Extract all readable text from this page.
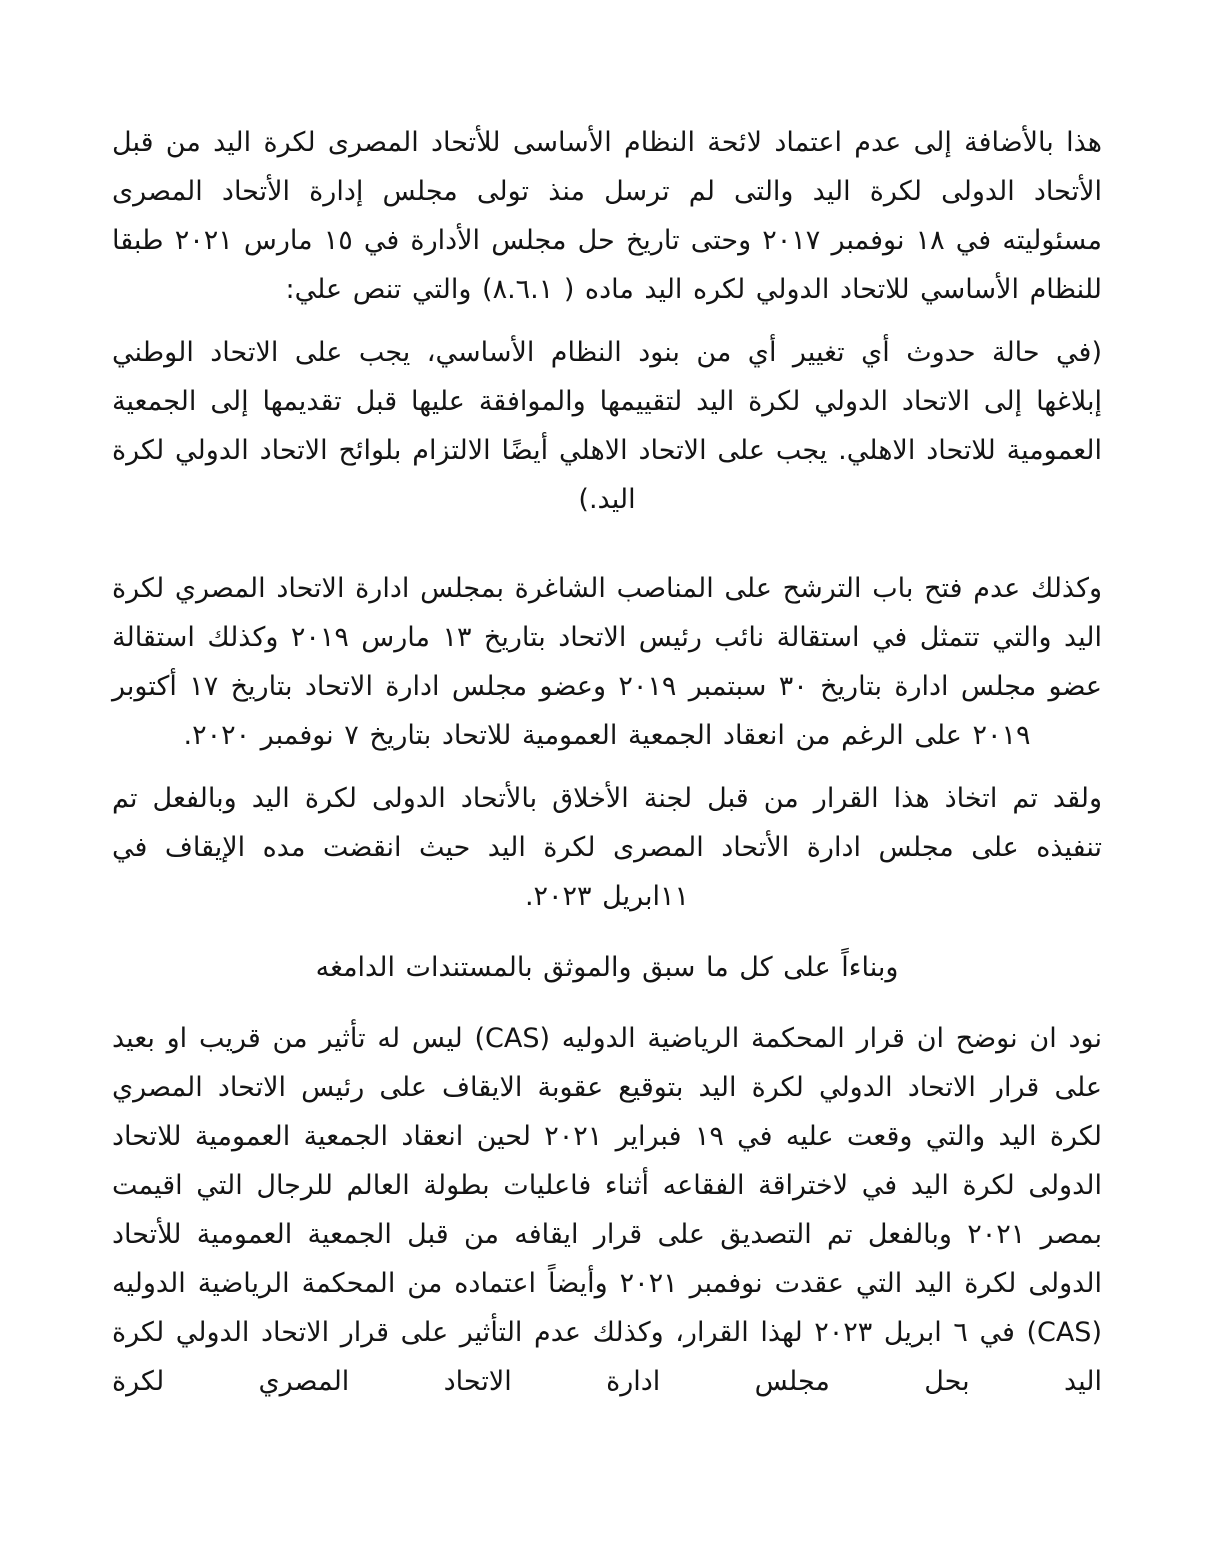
هذا بالأضافة إلى عدم اعتماد لائحة النظام الأساسى للأتحاد المصرى لكرة اليد من قبل الأتحاد الدولى لكرة اليد والتى لم ترسل منذ تولى مجلس إدارة الأتحاد المصرى مسئوليته في ١٨ نوفمبر ٢٠١٧ وحتى تاريخ حل مجلس الأدارة في ١٥ مارس ٢٠٢١ طبقا للنظام الأساسي للاتحاد الدولي لكره اليد ماده ( ٨.٦.١) والتي تنص علي:

(في حالة حدوث أي تغيير أي من بنود النظام الأساسي، يجب على الاتحاد الوطني إبلاغها إلى الاتحاد الدولي لكرة اليد لتقييمها والموافقة عليها قبل تقديمها إلى الجمعية العمومية للاتحاد الاهلي. يجب على الاتحاد الاهلي أيضًا الالتزام بلوائح الاتحاد الدولي لكرة اليد.)

وكذلك عدم فتح باب الترشح على المناصب الشاغرة بمجلس ادارة الاتحاد المصري لكرة اليد والتي تتمثل في استقالة نائب رئيس الاتحاد بتاريخ ١٣ مارس ٢٠١٩ وكذلك استقالة عضو مجلس ادارة بتاريخ ٣٠ سبتمبر ٢٠١٩ وعضو مجلس ادارة الاتحاد بتاريخ ١٧ أكتوبر ٢٠١٩ على الرغم من انعقاد الجمعية العمومية للاتحاد بتاريخ ٧ نوفمبر ٢٠٢٠.

ولقد تم اتخاذ هذا القرار من قبل لجنة الأخلاق بالأتحاد الدولى لكرة اليد وبالفعل تم تنفيذه على مجلس ادارة الأتحاد المصرى لكرة اليد حيث انقضت مده الإيقاف في ١١ابريل ٢٠٢٣.

وبناءاً على كل ما سبق والموثق بالمستندات الدامغه

نود ان نوضح ان قرار المحكمة الرياضية الدوليه (CAS) ليس له تأثير من قريب او بعيد على قرار الاتحاد الدولي لكرة اليد بتوقيع عقوبة الايقاف على رئيس الاتحاد المصري لكرة اليد والتي وقعت عليه في ١٩ فبراير ٢٠٢١ لحين انعقاد الجمعية العمومية للاتحاد الدولى لكرة اليد في لاختراقة الفقاعه أثناء فاعليات بطولة العالم للرجال التي اقيمت بمصر ٢٠٢١ وبالفعل تم التصديق على قرار ايقافه من قبل الجمعية العمومية للأتحاد الدولى لكرة اليد التي عقدت نوفمبر ٢٠٢١ وأيضاً اعتماده من المحكمة الرياضية الدوليه (CAS) في ٦ ابريل ٢٠٢٣ لهذا القرار، وكذلك عدم التأثير على قرار الاتحاد الدولي لكرة اليد بحل مجلس ادارة الاتحاد المصري لكرة
